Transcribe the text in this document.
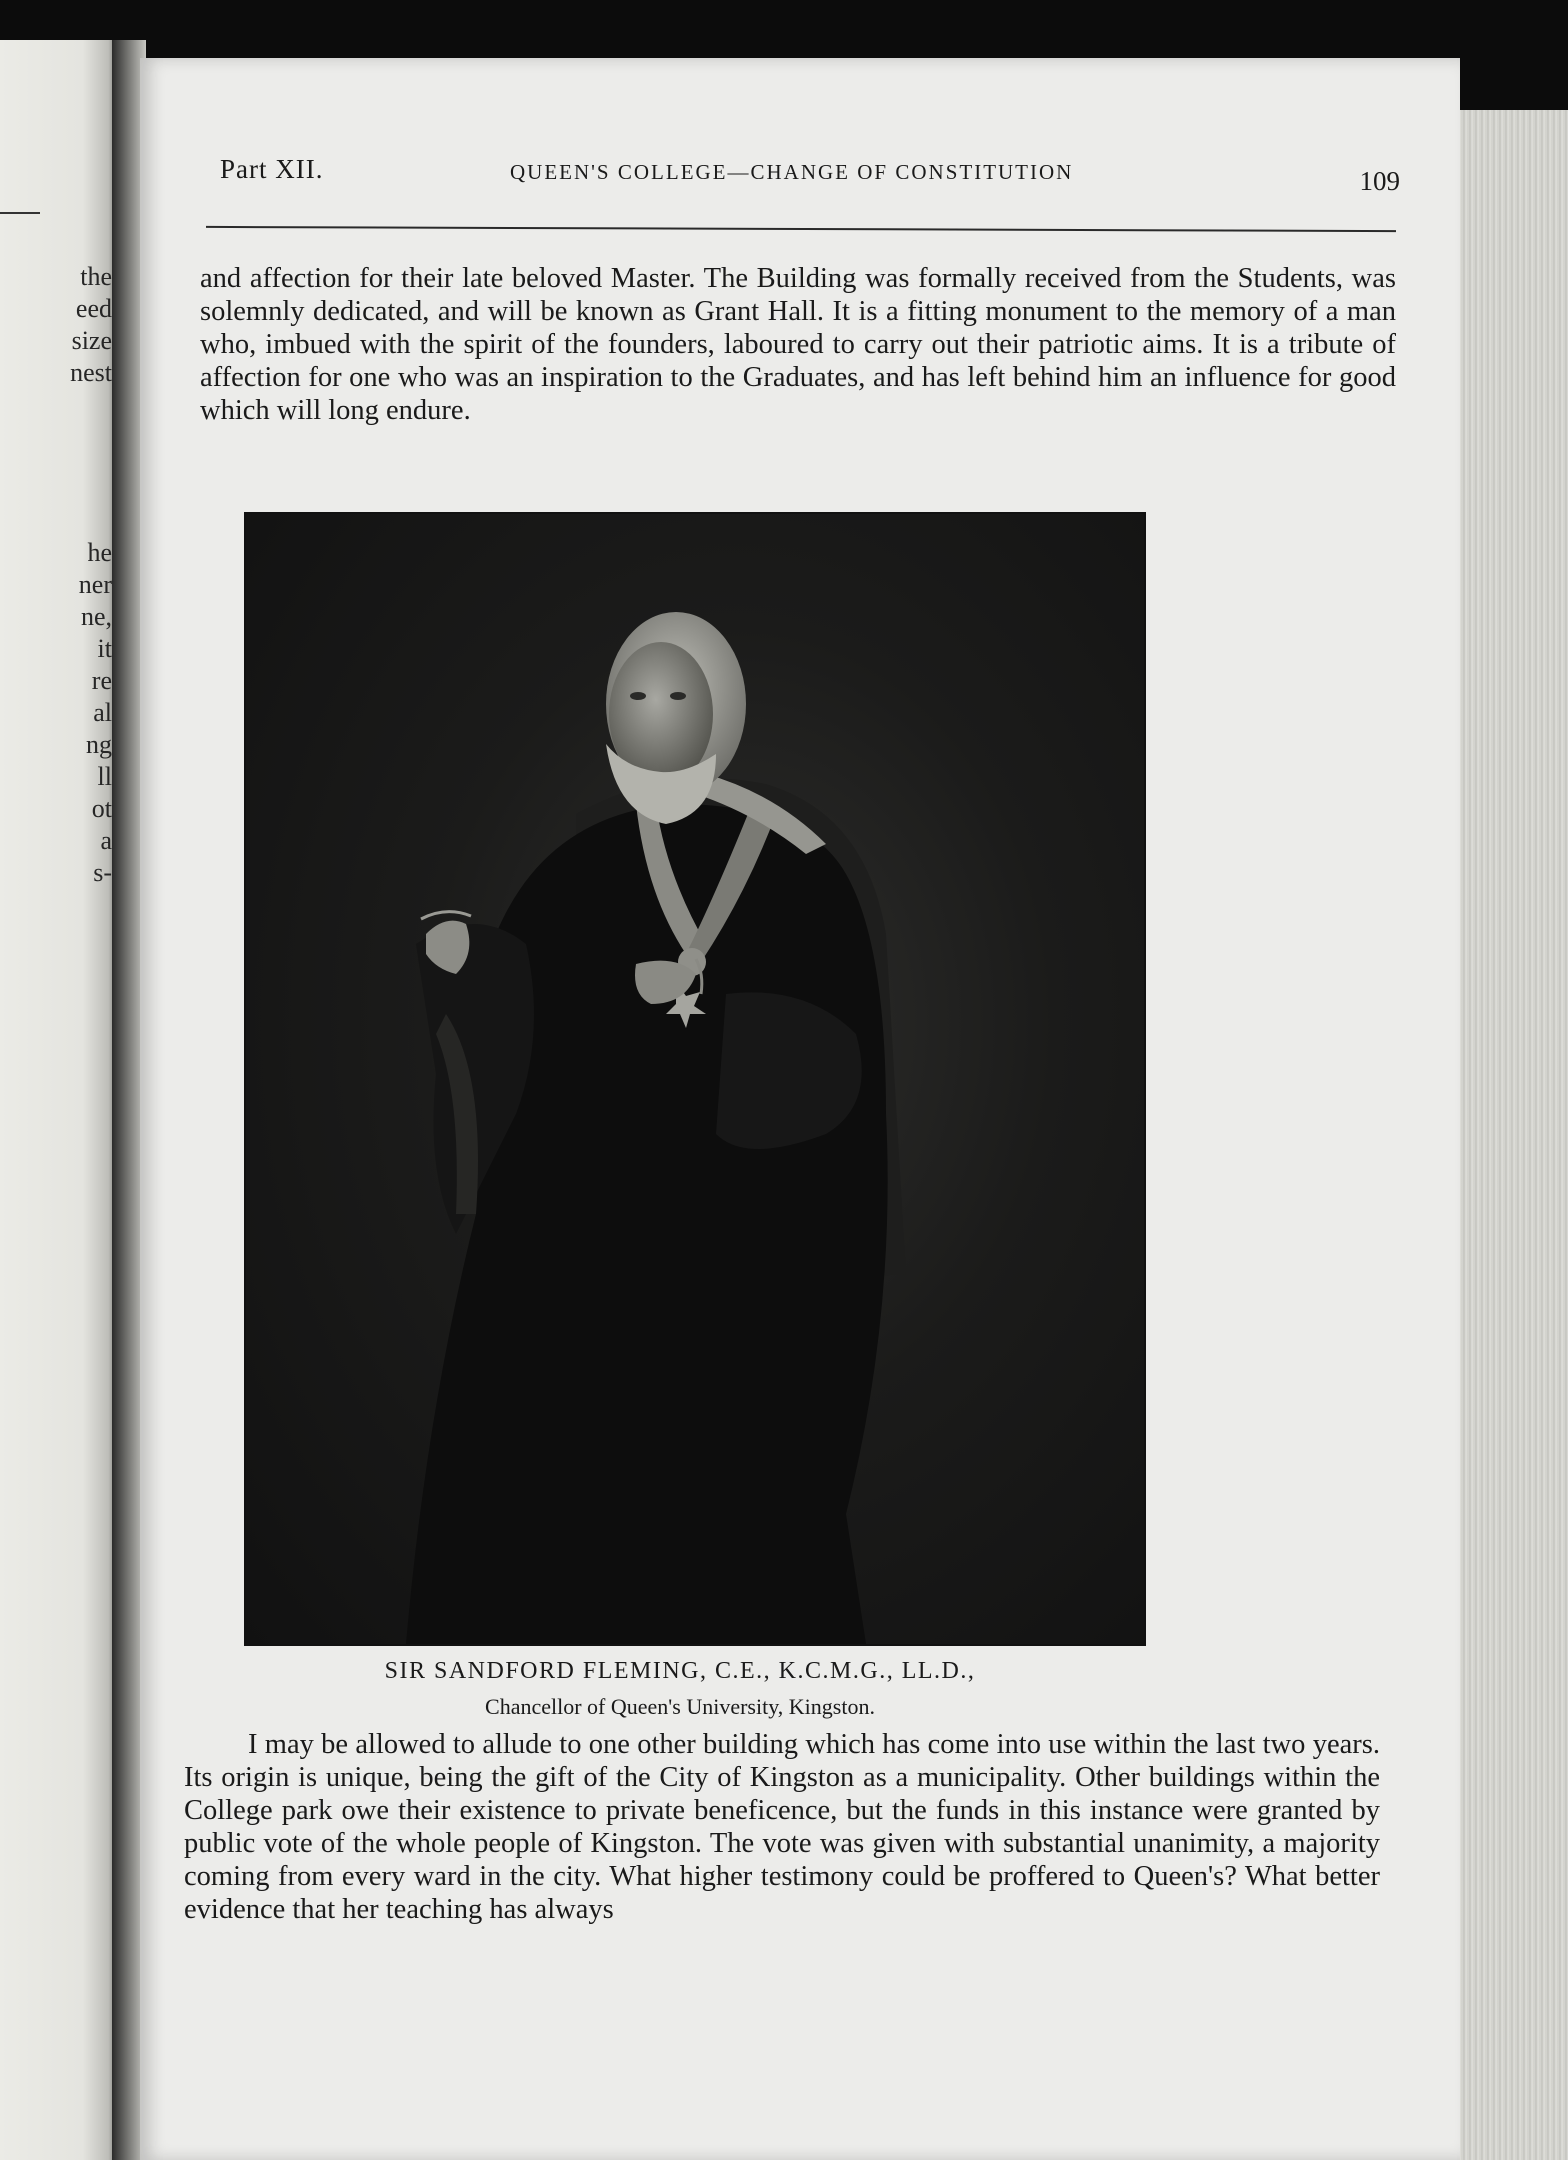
the
eed
size
nest
he
ner
ne,
it
re
al
ng
ll
ot
a
s-
Part XII.	QUEEN'S COLLEGE—CHANGE OF CONSTITUTION	109
and affection for their late beloved Master. The Building was formally received from the Students, was solemnly dedicated, and will be known as Grant Hall. It is a fitting monument to the memory of a man who, imbued with the spirit of the founders, laboured to carry out their patriotic aims. It is a tribute of affection for one who was an inspiration to the Graduates, and has left behind him an influence for good which will long endure.
SIR SANDFORD FLEMING, C.E., K.C.M.G., LL.D.,
Chancellor of Queen's University, Kingston.
I may be allowed to allude to one other building which has come into use within the last two years. Its origin is unique, being the gift of the City of Kingston as a municipality. Other buildings within the College park owe their existence to private beneficence, but the funds in this instance were granted by public vote of the whole people of Kingston. The vote was given with substantial unanimity, a majority coming from every ward in the city. What higher testimony could be proffered to Queen's? What better evidence that her teaching has always
